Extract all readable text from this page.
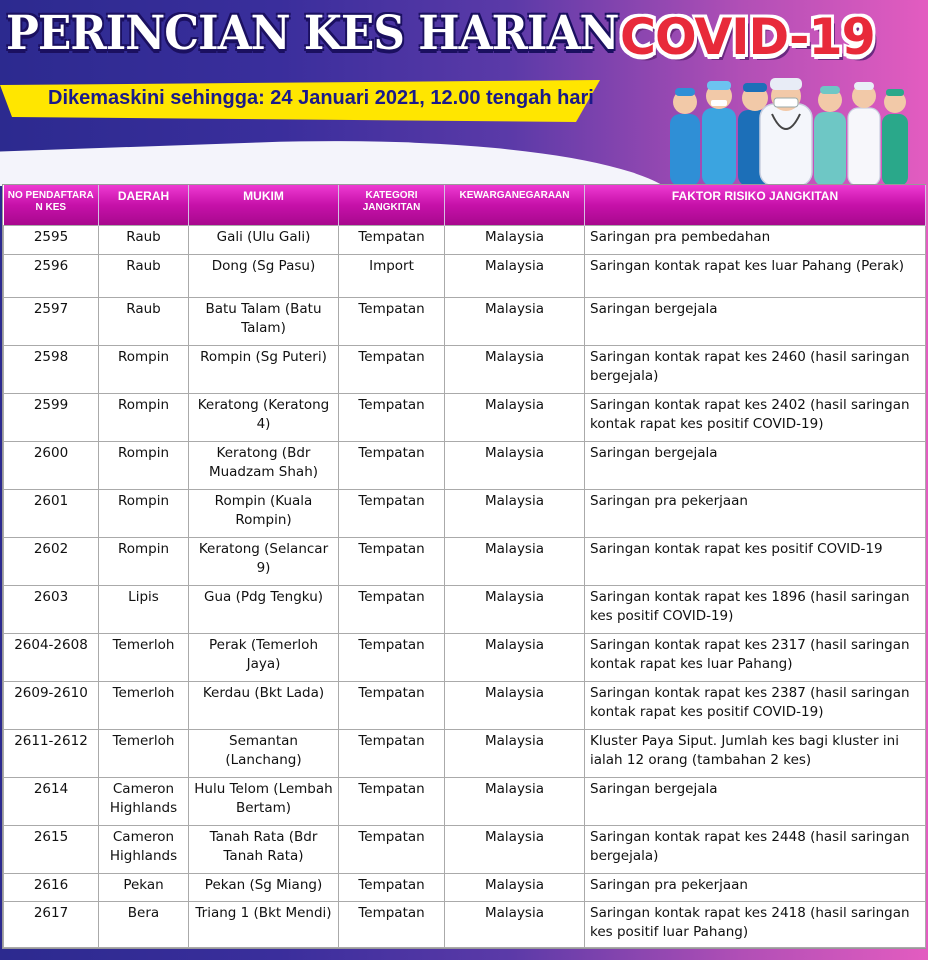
PERINCIAN KES HARIAN COVID-19

Dikemaskini sehingga: 24 Januari 2021, 12.00 tengah hari

NO PENDAFTARA N KES	DAERAH	MUKIM	KATEGORI JANGKITAN	KEWARGANEGARAAN	FAKTOR RISIKO JANGKITAN
2595	Raub	Gali (Ulu Gali)	Tempatan	Malaysia	Saringan pra pembedahan
2596	Raub	Dong (Sg Pasu)	Import	Malaysia	Saringan kontak rapat kes luar Pahang (Perak)
2597	Raub	Batu Talam (Batu Talam)	Tempatan	Malaysia	Saringan bergejala
2598	Rompin	Rompin (Sg Puteri)	Tempatan	Malaysia	Saringan kontak rapat kes 2460 (hasil saringan bergejala)
2599	Rompin	Keratong (Keratong 4)	Tempatan	Malaysia	Saringan kontak rapat kes 2402 (hasil saringan kontak rapat kes positif COVID-19)
2600	Rompin	Keratong (Bdr Muadzam Shah)	Tempatan	Malaysia	Saringan bergejala
2601	Rompin	Rompin (Kuala Rompin)	Tempatan	Malaysia	Saringan pra pekerjaan
2602	Rompin	Keratong (Selancar 9)	Tempatan	Malaysia	Saringan kontak rapat kes positif COVID-19
2603	Lipis	Gua (Pdg Tengku)	Tempatan	Malaysia	Saringan kontak rapat kes 1896 (hasil saringan kes positif COVID-19)
2604-2608	Temerloh	Perak (Temerloh Jaya)	Tempatan	Malaysia	Saringan kontak rapat kes 2317 (hasil saringan kontak rapat kes luar Pahang)
2609-2610	Temerloh	Kerdau (Bkt Lada)	Tempatan	Malaysia	Saringan kontak rapat kes 2387 (hasil saringan kontak rapat kes positif COVID-19)
2611-2612	Temerloh	Semantan (Lanchang)	Tempatan	Malaysia	Kluster Paya Siput. Jumlah kes bagi kluster ini ialah 12 orang (tambahan 2 kes)
2614	Cameron Highlands	Hulu Telom (Lembah Bertam)	Tempatan	Malaysia	Saringan bergejala
2615	Cameron Highlands	Tanah Rata (Bdr Tanah Rata)	Tempatan	Malaysia	Saringan kontak rapat kes 2448 (hasil saringan bergejala)
2616	Pekan	Pekan (Sg Miang)	Tempatan	Malaysia	Saringan pra pekerjaan
2617	Bera	Triang 1 (Bkt Mendi)	Tempatan	Malaysia	Saringan kontak rapat kes 2418 (hasil saringan kes positif luar Pahang)
